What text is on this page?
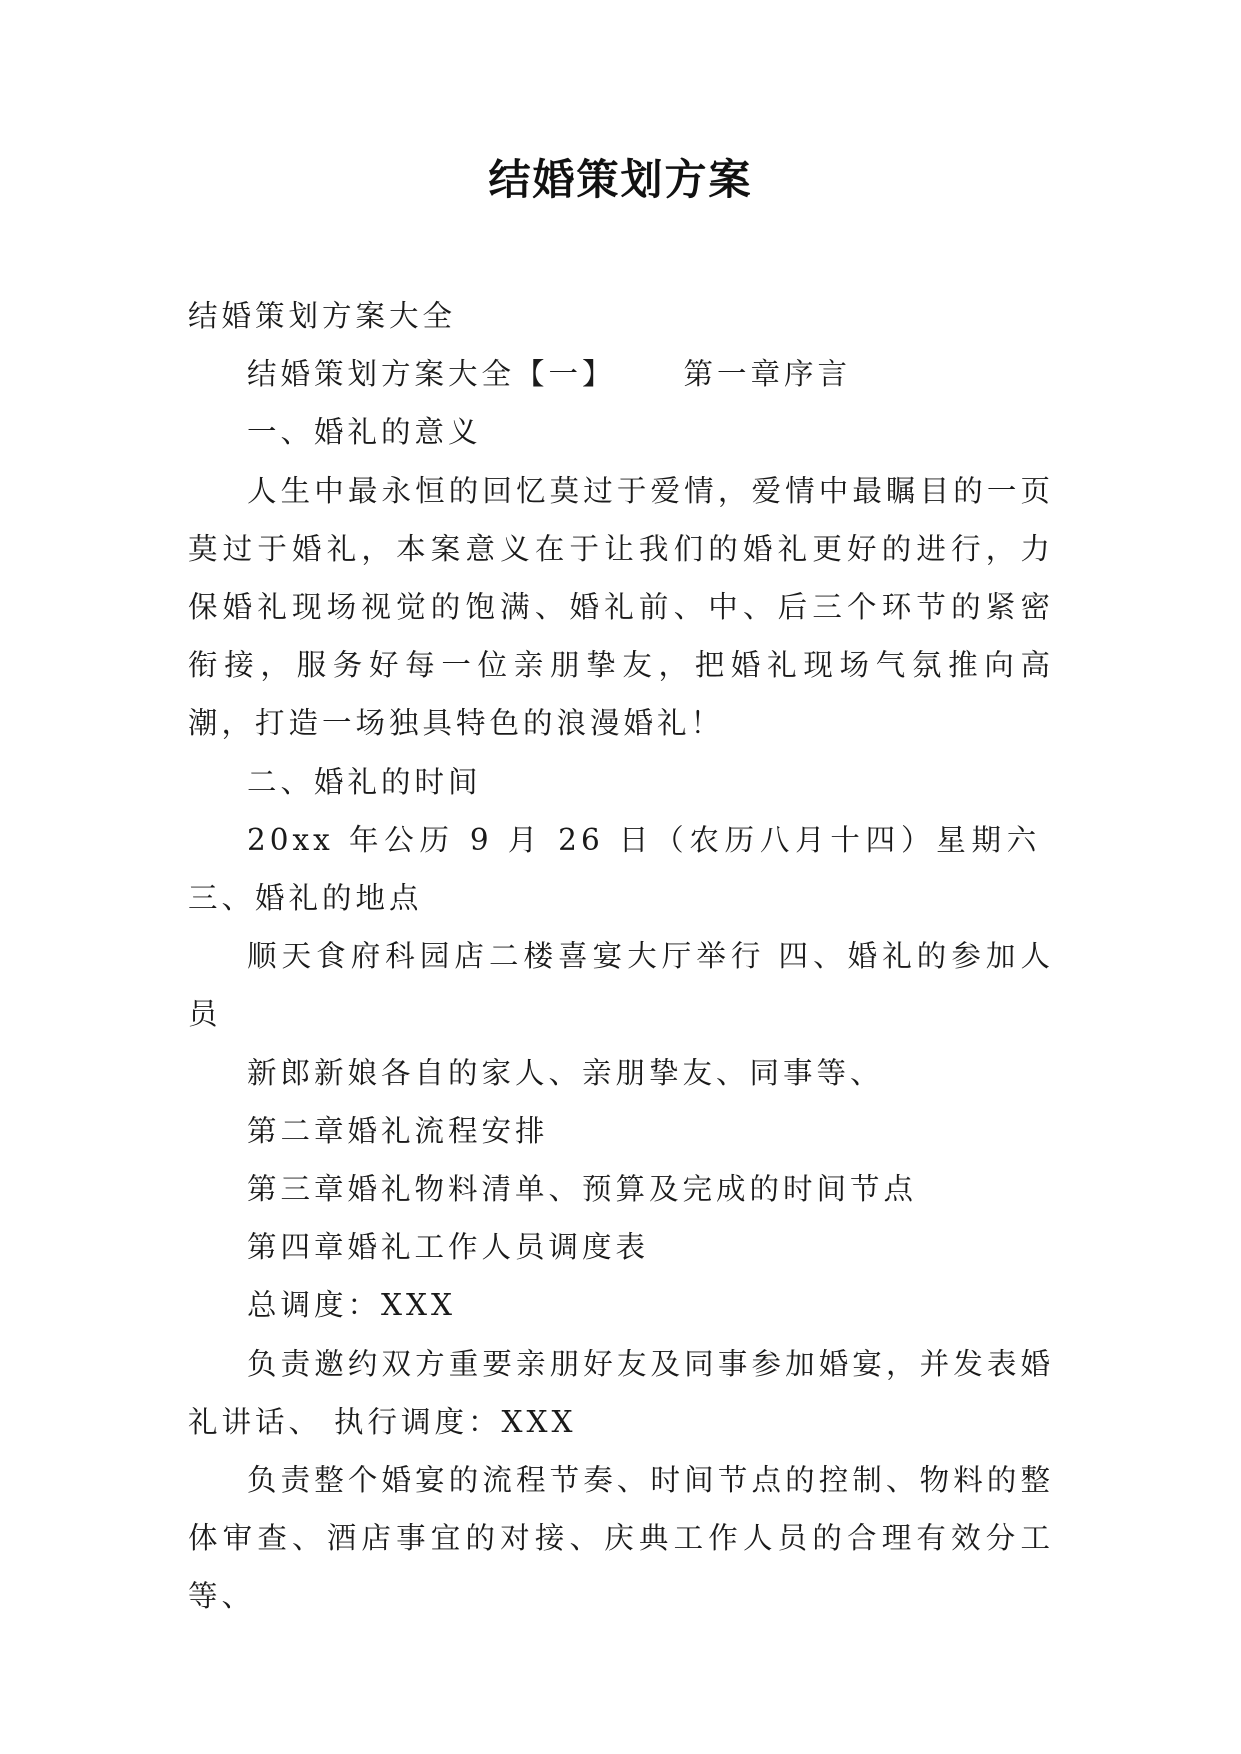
结婚策划方案

结婚策划方案大全

结婚策划方案大全【一】 第一章序言

一、婚礼的意义

人生中最永恒的回忆莫过于爱情，爱情中最瞩目的一页莫过于婚礼，本案意义在于让我们的婚礼更好的进行，力保婚礼现场视觉的饱满、婚礼前、中、后三个环节的紧密衔接，服务好每一位亲朋挚友，把婚礼现场气氛推向高潮，打造一场独具特色的浪漫婚礼！

二、婚礼的时间

20xx 年公历 9 月 26 日（农历八月十四）星期六三、婚礼的地点

顺天食府科园店二楼喜宴大厅举行 四、婚礼的参加人员

新郎新娘各自的家人、亲朋挚友、同事等、

第二章婚礼流程安排

第三章婚礼物料清单、预算及完成的时间节点

第四章婚礼工作人员调度表

总调度：XXX

负责邀约双方重要亲朋好友及同事参加婚宴，并发表婚礼讲话、 执行调度：XXX

负责整个婚宴的流程节奏、时间节点的控制、物料的整体审查、酒店事宜的对接、庆典工作人员的合理有效分工等、
